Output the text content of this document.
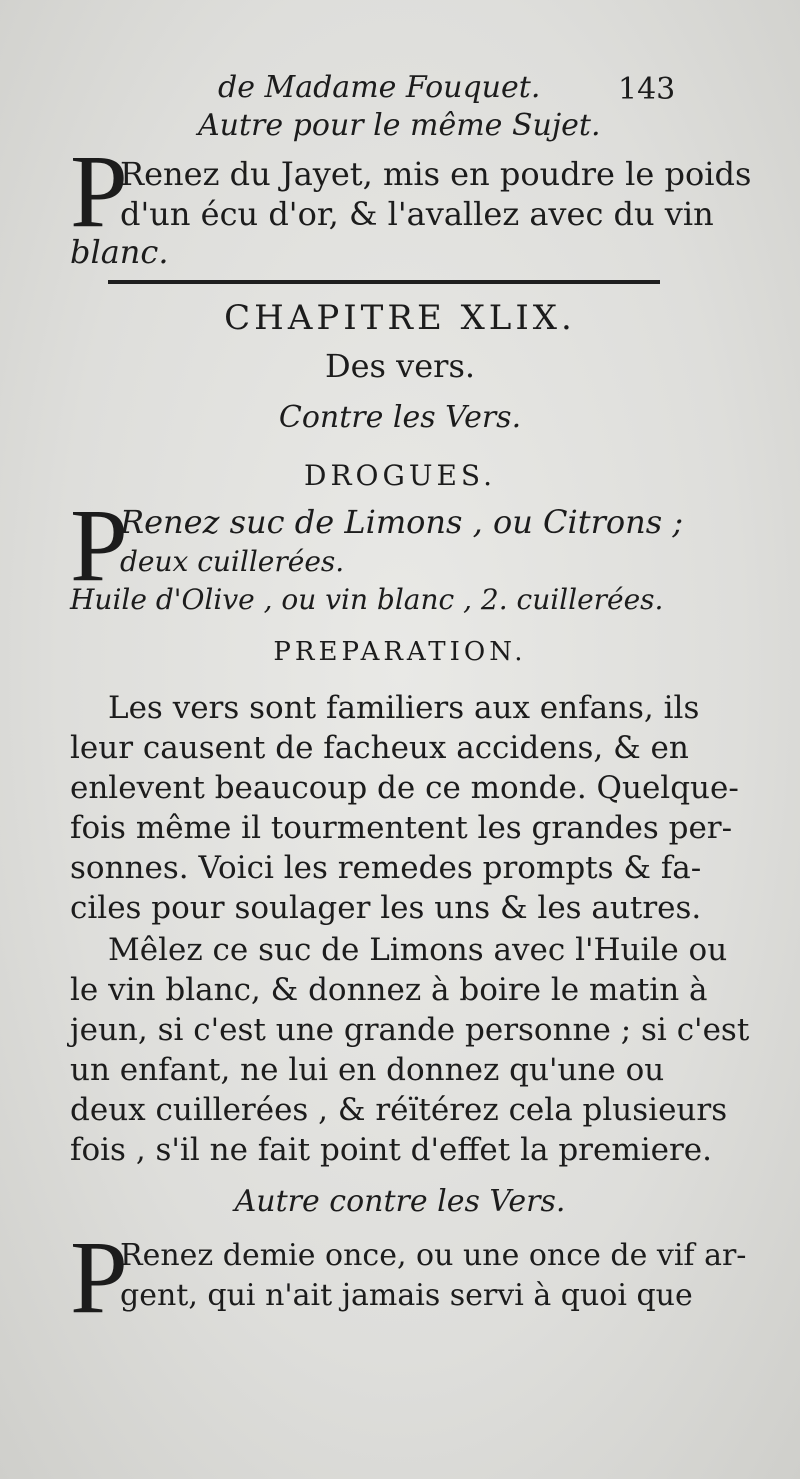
de Madame Fouquet.	143
Autre pour le même Sujet.
P
Renez du Jayet, mis en poudre le poids
d'un écu d'or, & l'avallez avec du vin
blanc.
CHAPITRE XLIX.
Des vers.
Contre les Vers.
DROGUES.
P
Renez suc de Limons , ou Citrons ;
deux cuillerées.
Huile d'Olive , ou vin blanc , 2. cuillerées.
PREPARATION.
Les vers sont familiers aux enfans, ils
leur causent de facheux accidens, & en
enlevent beaucoup de ce monde. Quelque-
fois même il tourmentent les grandes per-
sonnes. Voici les remedes prompts & fa-
ciles pour soulager les uns & les autres.
Mêlez ce suc de Limons avec l'Huile ou
le vin blanc, & donnez à boire le matin à
jeun, si c'est une grande personne ; si c'est
un enfant, ne lui en donnez qu'une ou
deux cuillerées , & réïtérez cela plusieurs
fois , s'il ne fait point d'effet la premiere.
Autre contre les Vers.
P
Renez demie once, ou une once de vif ar-
gent, qui n'ait jamais servi à quoi que
